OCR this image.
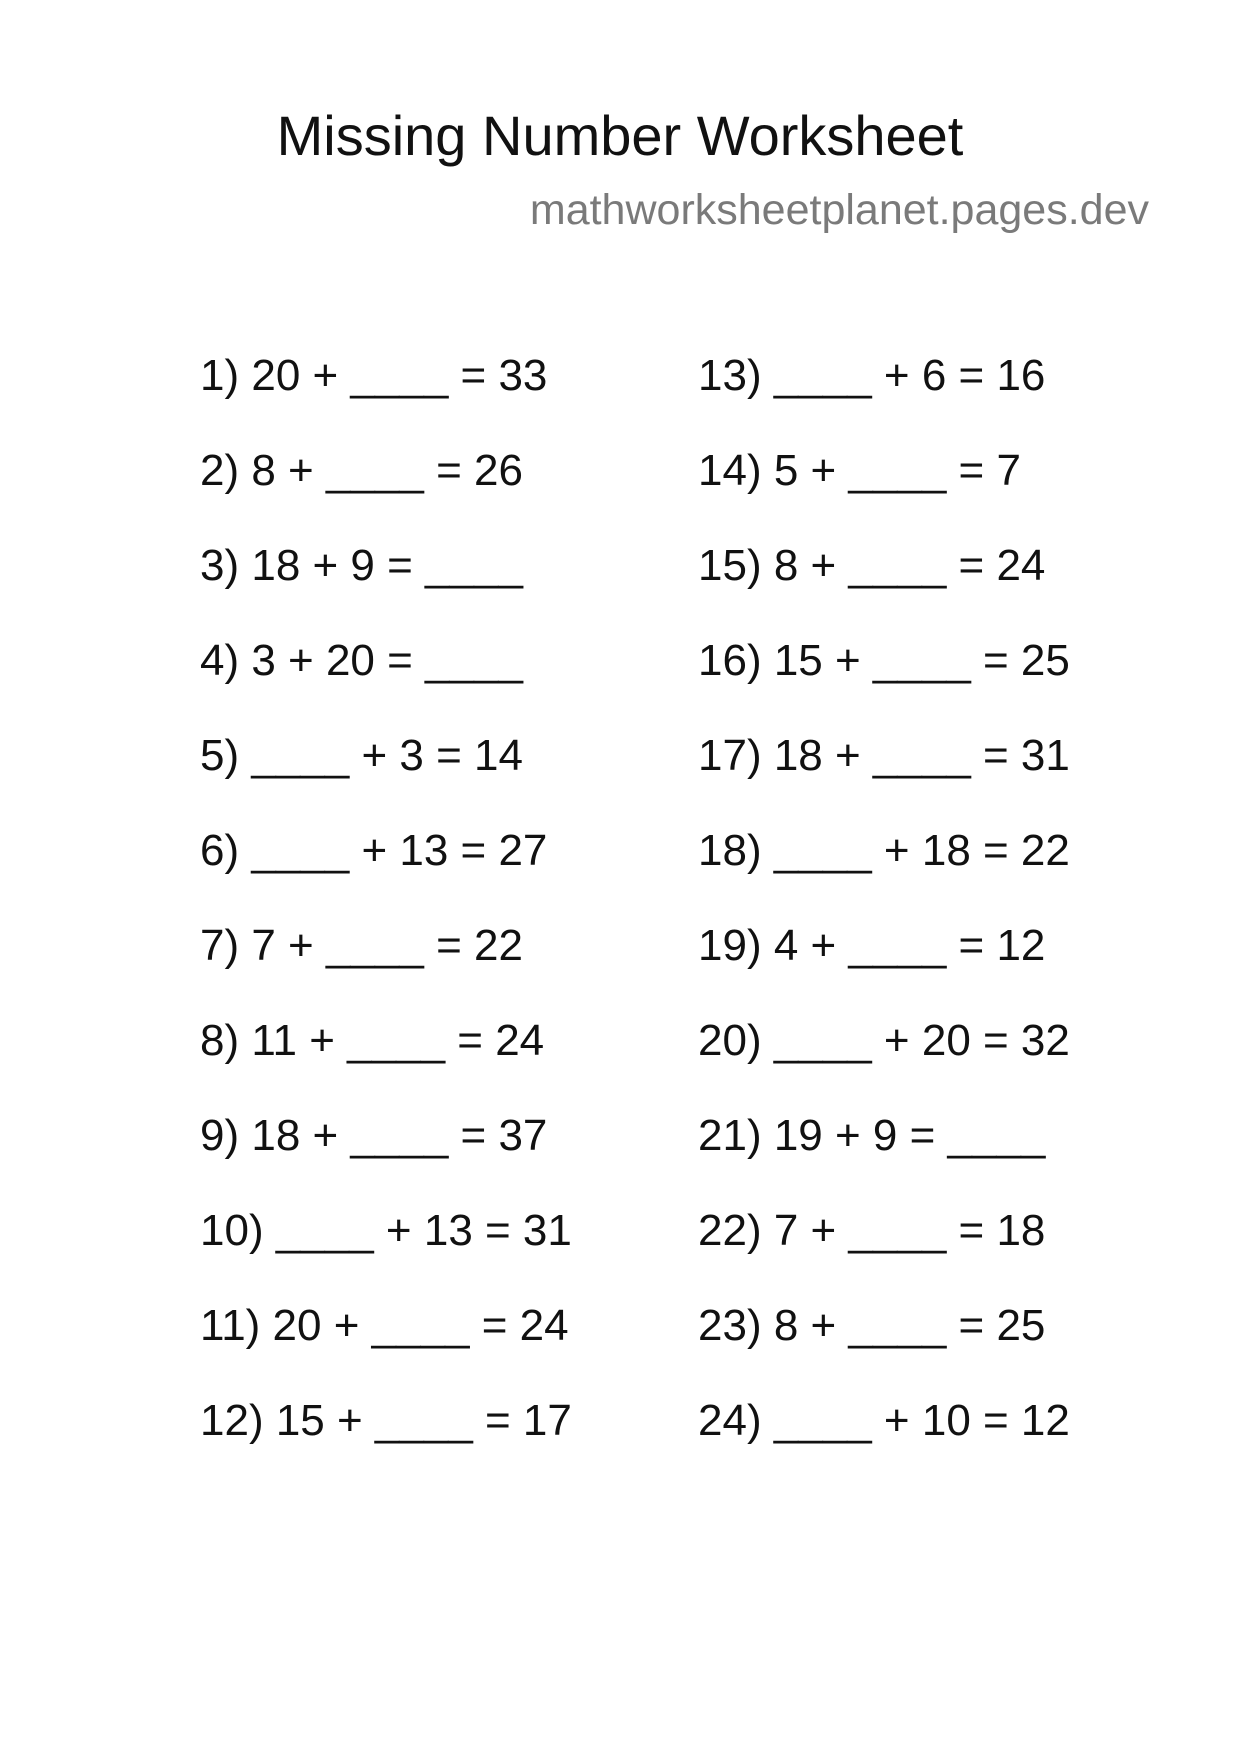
Missing Number Worksheet
mathworksheetplanet.pages.dev
1) 20 + ____ = 33
2) 8 + ____ = 26
3) 18 + 9 = ____
4) 3 + 20 = ____
5) ____ + 3 = 14
6) ____ + 13 = 27
7) 7 + ____ = 22
8) 11 + ____ = 24
9) 18 + ____ = 37
10) ____ + 13 = 31
11) 20 + ____ = 24
12) 15 + ____ = 17
13) ____ + 6 = 16
14) 5 + ____ = 7
15) 8 + ____ = 24
16) 15 + ____ = 25
17) 18 + ____ = 31
18) ____ + 18 = 22
19) 4 + ____ = 12
20) ____ + 20 = 32
21) 19 + 9 = ____
22) 7 + ____ = 18
23) 8 + ____ = 25
24) ____ + 10 = 12
